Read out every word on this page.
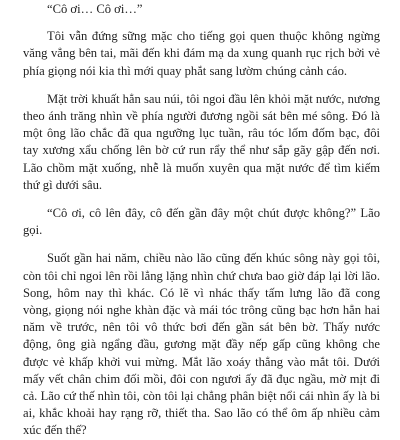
“Cô ơi… Cô ơi…”

Tôi vẫn đứng sững mặc cho tiếng gọi quen thuộc không ngừng văng vẳng bên tai, mãi đến khi đám mạ da xung quanh rục rịch bởi vẻ phía giọng nói kia thì mới quay phắt sang lườm chúng cảnh cáo.

Mặt trời khuất hẳn sau núi, tôi ngoi đầu lên khỏi mặt nước, nương theo ánh trăng nhìn về phía người đương ngồi sát bên mé sông. Đó là một ông lão chắc đã qua ngưỡng lục tuần, râu tóc lốm đốm bạc, đôi tay xương xẩu chống lên bờ cứ run rẩy thể như sắp gãy gập đến nơi. Lão chồm mặt xuống, nhễ là muốn xuyên qua mặt nước để tìm kiếm thứ gì dưới sâu.

“Cô ơi, cô lên đây, cô đến gần đây một chút được không?” Lão gọi.

Suốt gần hai năm, chiều nào lão cũng đến khúc sông này gọi tôi, còn tôi chỉ ngoi lên rồi lẳng lặng nhìn chứ chưa bao giờ đáp lại lời lão. Song, hôm nay thì khác. Có lẽ vì nhác thấy tấm lưng lão đã cong vòng, giọng nói nghe khàn đặc và mái tóc trông cũng bạc hơn hẳn hai năm về trước, nên tôi vô thức bơi đến gần sát bên bờ. Thấy nước động, ông già ngẩng đầu, gương mặt đầy nếp gấp cũng không che được vẻ khấp khởi vui mừng. Mắt lão xoáy thẳng vào mắt tôi. Dưới mấy vết chân chim đối mồi, đôi con ngươi ấy đã đục ngầu, mờ mịt đi cả. Lão cứ thế nhìn tôi, còn tôi lại chẳng phân biệt nổi cái nhìn ấy là bi ai, khắc khoải hay rạng rỡ, thiết tha. Sao lão có thể ôm ấp nhiều cảm xúc đến thế?
